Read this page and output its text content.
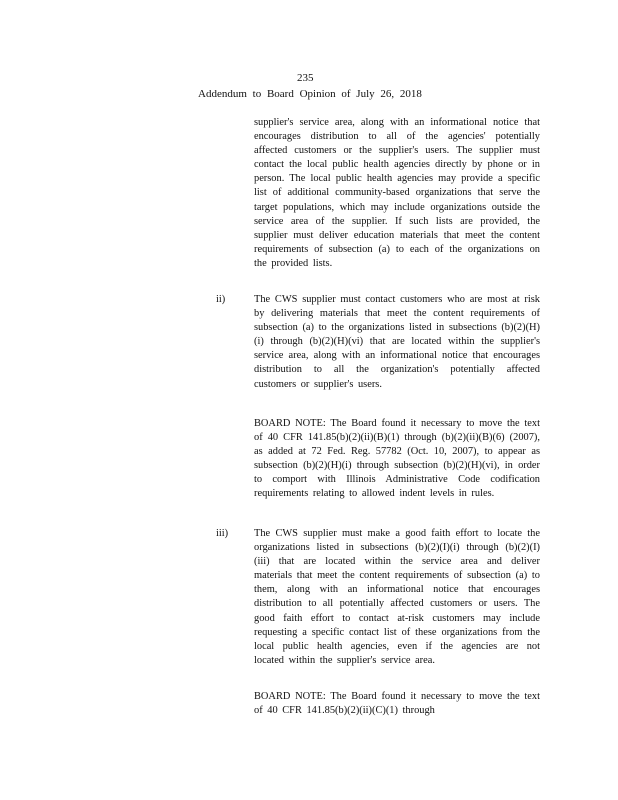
235
Addendum to Board Opinion of July 26, 2018

supplier's service area, along with an informational notice that encourages distribution to all of the agencies' potentially affected customers or the supplier's users. The supplier must contact the local public health agencies directly by phone or in person. The local public health agencies may provide a specific list of additional community-based organizations that serve the target populations, which may include organizations outside the service area of the supplier. If such lists are provided, the supplier must deliver education materials that meet the content requirements of subsection (a) to each of the organizations on the provided lists.

ii)	The CWS supplier must contact customers who are most at risk by delivering materials that meet the content requirements of subsection (a) to the organizations listed in subsections (b)(2)(H)(i) through (b)(2)(H)(vi) that are located within the supplier's service area, along with an informational notice that encourages distribution to all the organization's potentially affected customers or supplier's users.

BOARD NOTE: The Board found it necessary to move the text of 40 CFR 141.85(b)(2)(ii)(B)(1) through (b)(2)(ii)(B)(6) (2007), as added at 72 Fed. Reg. 57782 (Oct. 10, 2007), to appear as subsection (b)(2)(H)(i) through subsection (b)(2)(H)(vi), in order to comport with Illinois Administrative Code codification requirements relating to allowed indent levels in rules.

iii) The CWS supplier must make a good faith effort to locate the organizations listed in subsections (b)(2)(I)(i) through (b)(2)(I)(iii) that are located within the service area and deliver materials that meet the content requirements of subsection (a) to them, along with an informational notice that encourages distribution to all potentially affected customers or users. The good faith effort to contact at-risk customers may include requesting a specific contact list of these organizations from the local public health agencies, even if the agencies are not located within the supplier's service area.

BOARD NOTE: The Board found it necessary to move the text of 40 CFR 141.85(b)(2)(ii)(C)(1) through
